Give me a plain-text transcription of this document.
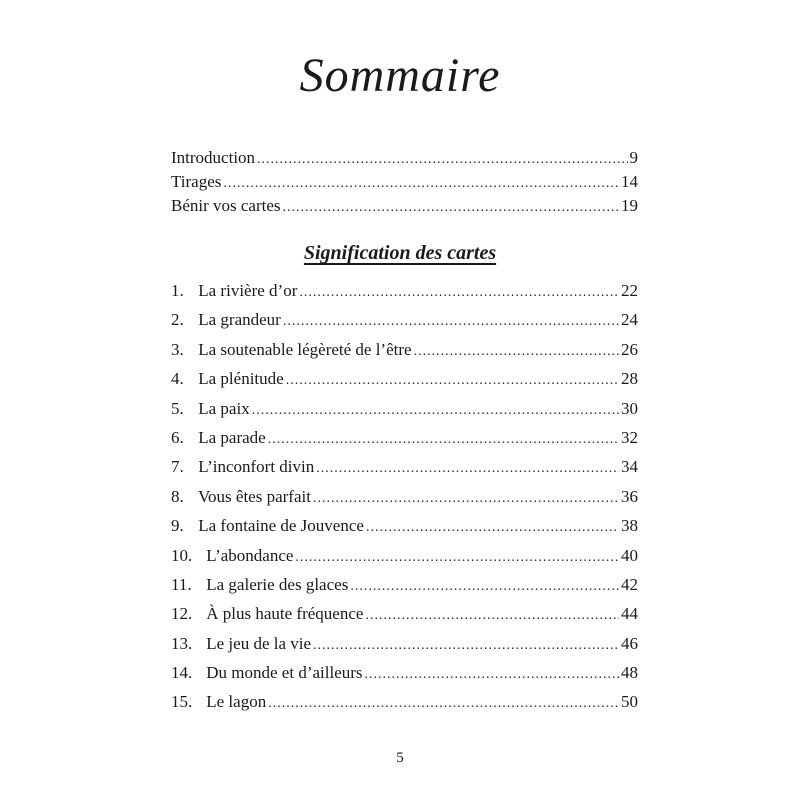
Sommaire
Introduction .....	9
Tirages .....	14
Bénir vos cartes .....	19
Signification des cartes
1. La rivière d’or .....	22
2. La grandeur .....	24
3. La soutenable légèreté de l’être .....	26
4. La plénitude .....	28
5. La paix .....	30
6. La parade .....	32
7. L’inconfort divin .....	34
8. Vous êtes parfait .....	36
9. La fontaine de Jouvence .....	38
10. L’abondance .....	40
11. La galerie des glaces .....	42
12. À plus haute fréquence .....	44
13. Le jeu de la vie .....	46
14. Du monde et d’ailleurs .....	48
15. Le lagon .....	50
5
